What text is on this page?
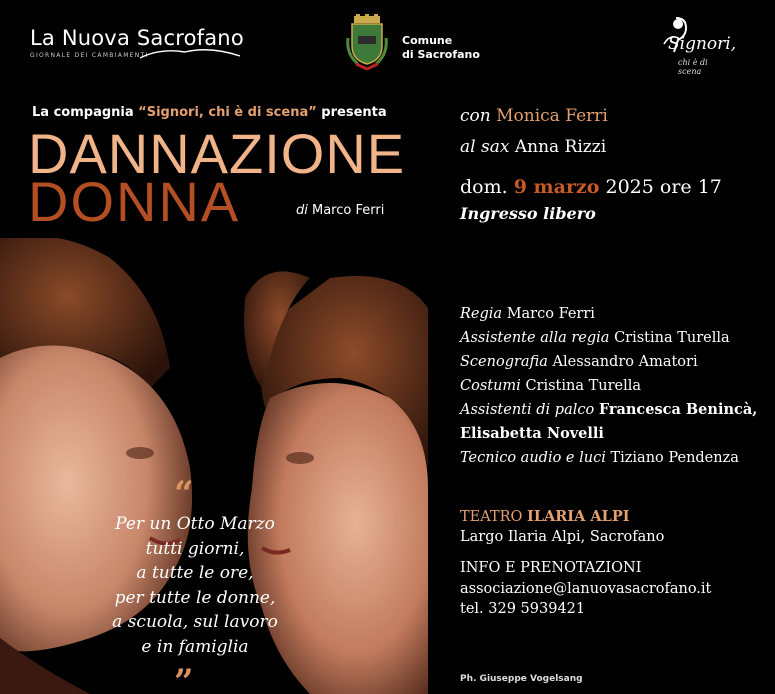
La Nuova Sacrofano
GIORNALE DEI CAMBIAMENTI
Comune
di Sacrofano
Signori,
chi è di scena
La compagnia “Signori, chi è di scena” presenta
DANNAZIONE
DONNA	di Marco Ferri
“
Per un Otto Marzo
tutti giorni,
a tutte le ore,
per tutte le donne,
a scuola, sul lavoro
e in famiglia
”
con Monica Ferri
al sax Anna Rizzi
dom. 9 marzo 2025 ore 17
Ingresso libero
Regia Marco Ferri
Assistente alla regia Cristina Turella
Scenografia Alessandro Amatori
Costumi Cristina Turella
Assistenti di palco Francesca Benincà,
Elisabetta Novelli
Tecnico audio e luci Tiziano Pendenza
TEATRO ILARIA ALPI
Largo Ilaria Alpi, Sacrofano
INFO E PRENOTAZIONI
associazione@lanuovasacrofano.it
tel. 329 5939421
Ph. Giuseppe Vogelsang
